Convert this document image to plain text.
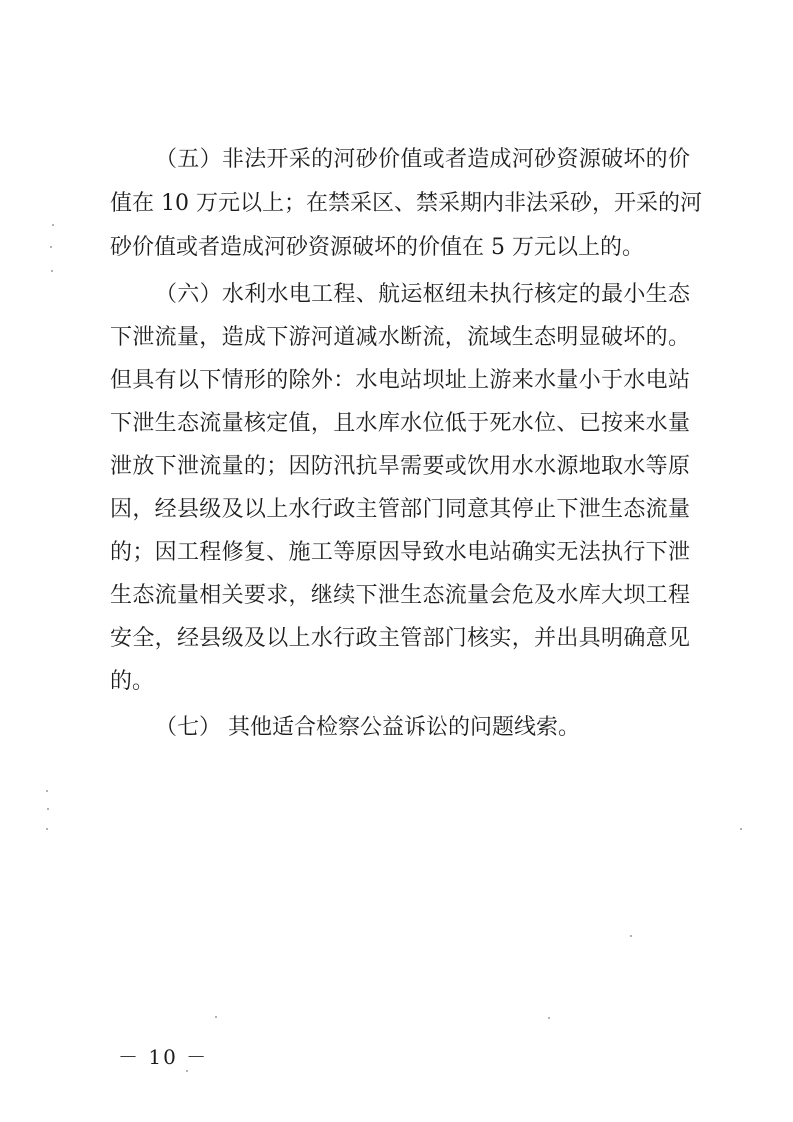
（五）非法开采的河砂价值或者造成河砂资源破坏的价
值在 10 万元以上；在禁采区、禁采期内非法采砂，开采的河
砂价值或者造成河砂资源破坏的价值在 5 万元以上的。
（六）水利水电工程、航运枢纽未执行核定的最小生态
下泄流量，造成下游河道减水断流，流域生态明显破坏的。
但具有以下情形的除外：水电站坝址上游来水量小于水电站
下泄生态流量核定值，且水库水位低于死水位、已按来水量
泄放下泄流量的；因防汛抗旱需要或饮用水水源地取水等原
因，经县级及以上水行政主管部门同意其停止下泄生态流量
的；因工程修复、施工等原因导致水电站确实无法执行下泄
生态流量相关要求，继续下泄生态流量会危及水库大坝工程
安全，经县级及以上水行政主管部门核实，并出具明确意见
的。
（七） 其他适合检察公益诉讼的问题线索。
－ 10 －
